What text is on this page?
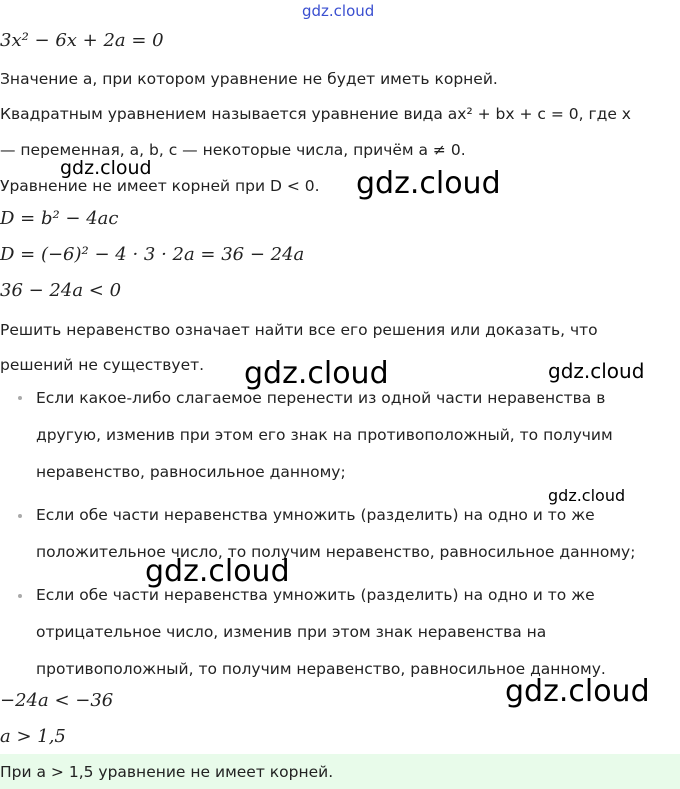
gdz.cloud
3x² − 6x + 2a = 0
Значение a, при котором уравнение не будет иметь корней.
Квадратным уравнением называется уравнение вида ax² + bx + c = 0, где x
— переменная, a, b, c — некоторые числа, причём a ≠ 0.
gdz.cloud
Уравнение не имеет корней при D < 0. gdz.cloud
D = b² − 4ac
D = (−6)² − 4 · 3 · 2a = 36 − 24a
36 − 24a < 0
Решить неравенство означает найти все его решения или доказать, что решений не существует.	gdz.cloud	gdz.cloud
Если какое-либо слагаемое перенести из одной части неравенства в другую, изменив при этом его знак на противоположный, то получим неравенство, равносильное данному;
Если обе части неравенства умножить (разделить) на одно и то же положительное число, то получим неравенство, равносильное данному;
Если обе части неравенства умножить (разделить) на одно и то же отрицательное число, изменив при этом знак неравенства на противоположный, то получим неравенство, равносильное данному.
gdz.cloud
gdz.cloud
−24a < −36	gdz.cloud
a > 1,5
При a > 1,5 уравнение не имеет корней.
